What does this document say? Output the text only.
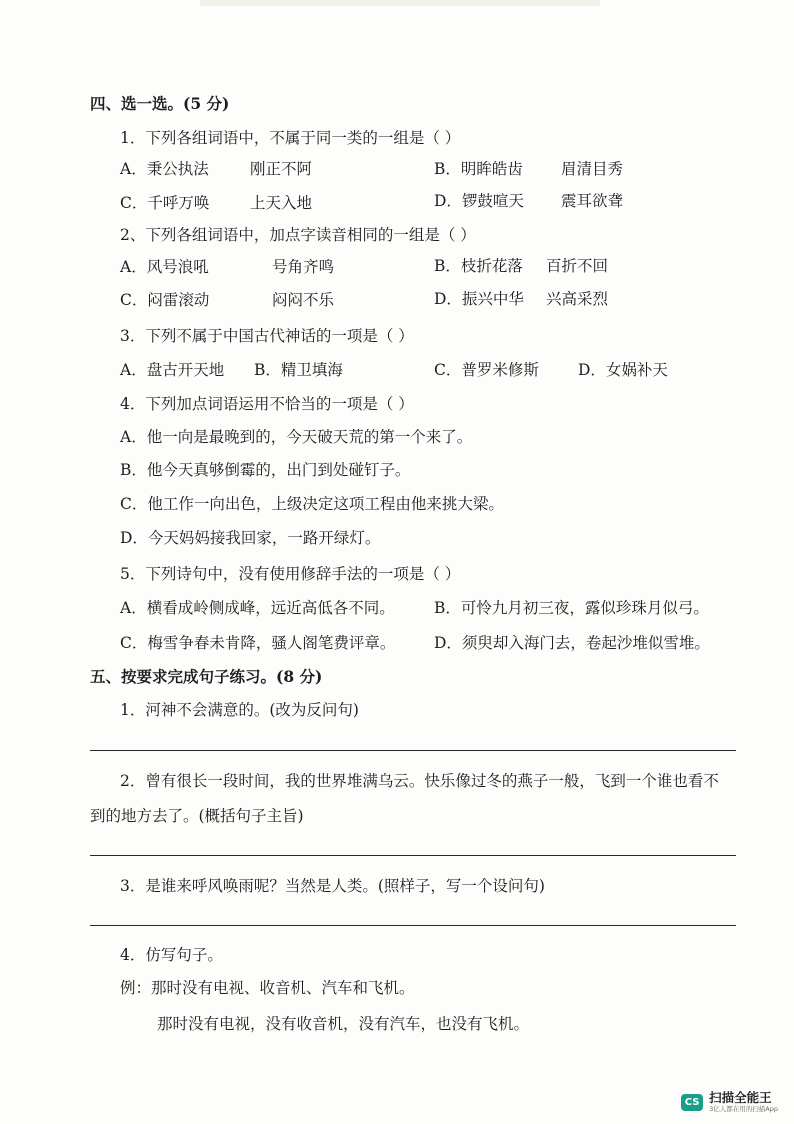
四、选一选。(5 分)
1．下列各组词语中，不属于同一类的一组是（ ）
A．秉公执法	刚正不阿	B．明眸皓齿 眉清目秀
C．千呼万唤	上天入地	D．锣鼓喧天 震耳欲聋
2、下列各组词语中，加点字读音相同的一组是（ ）
A．风号浪吼	号角齐鸣	B．枝折花落 百折不回
C．闷雷滚动	闷闷不乐	D．振兴中华 兴高采烈
3．下列不属于中国古代神话的一项是（ ）
A．盘古开天地 B．精卫填海	C．普罗米修斯	D．女娲补天
4．下列加点词语运用不恰当的一项是（ ）
A．他一向是最晚到的，今天破天荒的第一个来了。
B．他今天真够倒霉的，出门到处碰钉子。
C．他工作一向出色，上级决定这项工程由他来挑大梁。
D．今天妈妈接我回家，一路开绿灯。
5．下列诗句中，没有使用修辞手法的一项是（ ）
A．横看成岭侧成峰，远近高低各不同。	B．可怜九月初三夜，露似珍珠月似弓。
C．梅雪争春未肯降，骚人阁笔费评章。 D．须臾却入海门去，卷起沙堆似雪堆。
五、按要求完成句子练习。(8 分)
1．河神不会满意的。(改为反问句)
2．曾有很长一段时间，我的世界堆满乌云。快乐像过冬的燕子一般，飞到一个谁也看不
到的地方去了。(概括句子主旨)
3．是谁来呼风唤雨呢？当然是人类。(照样子，写一个设问句)
4．仿写句子。
例：那时没有电视、收音机、汽车和飞机。
那时没有电视，没有收音机，没有汽车，也没有飞机。
CS 扫描全能王
3亿人都在用的扫描App
